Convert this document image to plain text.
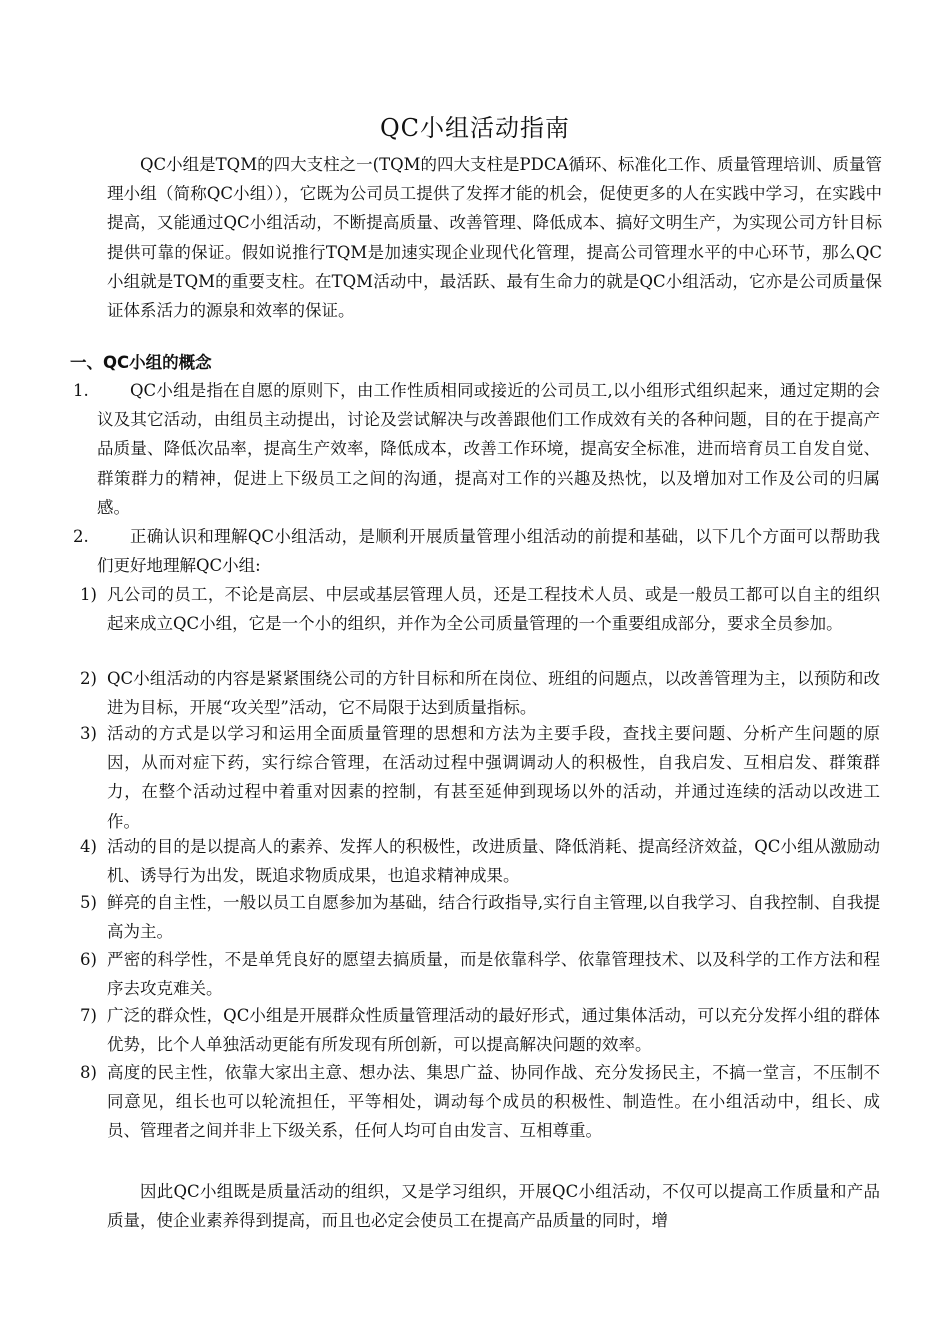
QC小组活动指南
QC小组是TQM的四大支柱之一(TQM的四大支柱是PDCA循环、标准化工作、质量管理培训、质量管理小组（简称QC小组）），它既为公司员工提供了发挥才能的机会，促使更多的人在实践中学习，在实践中提高，又能通过QC小组活动，不断提高质量、改善管理、降低成本、搞好文明生产，为实现公司方针目标提供可靠的保证。假如说推行TQM是加速实现企业现代化管理，提高公司管理水平的中心环节，那么QC小组就是TQM的重要支柱。在TQM活动中，最活跃、最有生命力的就是QC小组活动，它亦是公司质量保证体系活力的源泉和效率的保证。
一、QC小组的概念
1.	QC小组是指在自愿的原则下，由工作性质相同或接近的公司员工,以小组形式组织起来，通过定期的会议及其它活动，由组员主动提出，讨论及尝试解决与改善跟他们工作成效有关的各种问题，目的在于提高产品质量、降低次品率，提高生产效率，降低成本，改善工作环境，提高安全标准，进而培育员工自发自觉、群策群力的精神，促进上下级员工之间的沟通，提高对工作的兴趣及热忱，以及增加对工作及公司的归属感。
2.	正确认识和理解QC小组活动，是顺利开展质量管理小组活动的前提和基础，以下几个方面可以帮助我们更好地理解QC小组:
1) 凡公司的员工，不论是高层、中层或基层管理人员，还是工程技术人员、或是一般员工都可以自主的组织起来成立QC小组，它是一个小的组织，并作为全公司质量管理的一个重要组成部分，要求全员参加。
2) QC小组活动的内容是紧紧围绕公司的方针目标和所在岗位、班组的问题点，以改善管理为主，以预防和改进为目标，开展“攻关型”活动，它不局限于达到质量指标。
3) 活动的方式是以学习和运用全面质量管理的思想和方法为主要手段，查找主要问题、分析产生问题的原因，从而对症下药，实行综合管理，在活动过程中强调调动人的积极性，自我启发、互相启发、群策群力，在整个活动过程中着重对因素的控制，有甚至延伸到现场以外的活动，并通过连续的活动以改进工作。
4) 活动的目的是以提高人的素养、发挥人的积极性，改进质量、降低消耗、提高经济效益，QC小组从激励动机、诱导行为出发，既追求物质成果，也追求精神成果。
5) 鲜亮的自主性，一般以员工自愿参加为基础，结合行政指导,实行自主管理,以自我学习、自我控制、自我提高为主。
6) 严密的科学性，不是单凭良好的愿望去搞质量，而是依靠科学、依靠管理技术、以及科学的工作方法和程序去攻克难关。
7) 广泛的群众性，QC小组是开展群众性质量管理活动的最好形式，通过集体活动，可以充分发挥小组的群体优势，比个人单独活动更能有所发现有所创新，可以提高解决问题的效率。
8) 高度的民主性，依靠大家出主意、想办法、集思广益、协同作战、充分发扬民主，不搞一堂言，不压制不同意见，组长也可以轮流担任，平等相处，调动每个成员的积极性、制造性。在小组活动中，组长、成员、管理者之间并非上下级关系，任何人均可自由发言、互相尊重。
因此QC小组既是质量活动的组织，又是学习组织，开展QC小组活动，不仅可以提高工作质量和产品质量，使企业素养得到提高，而且也必定会使员工在提高产品质量的同时，增
